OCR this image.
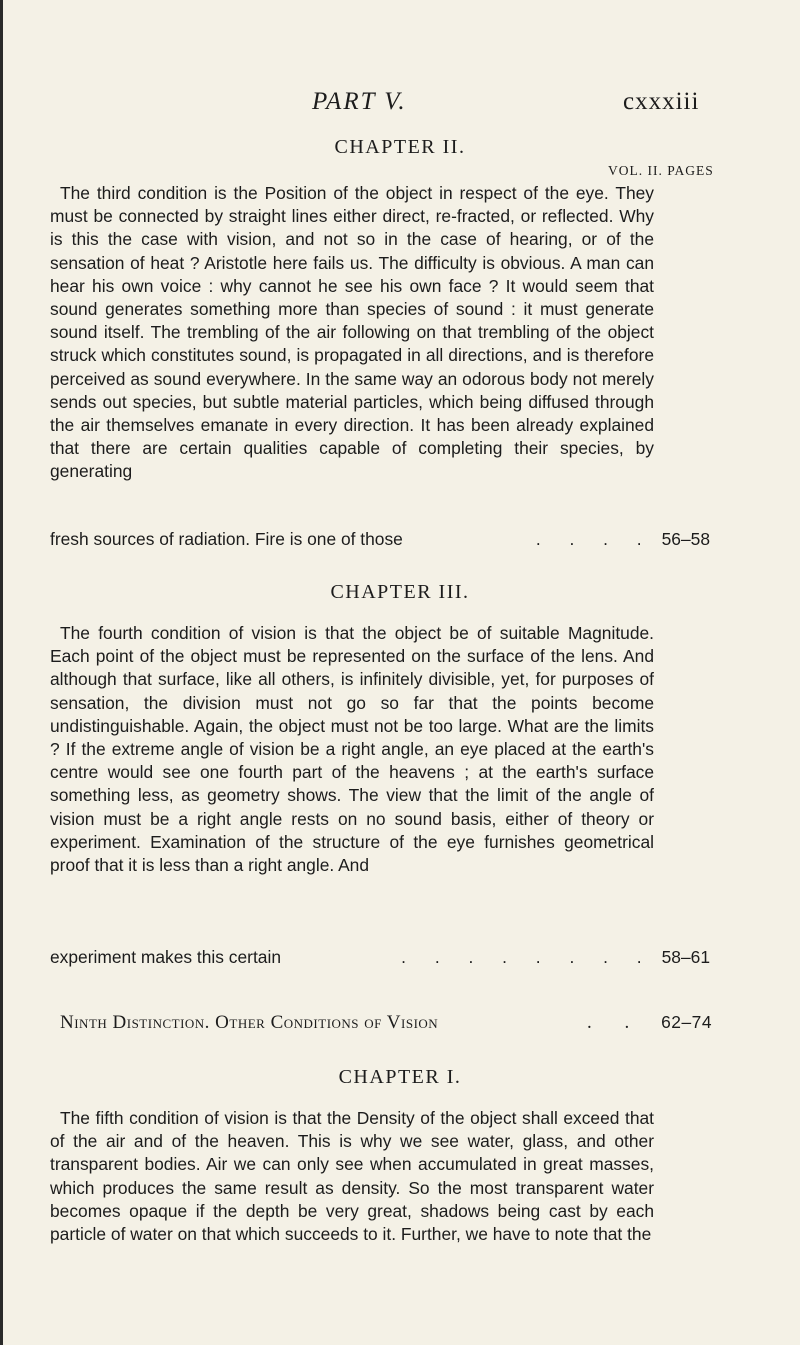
PART V.	cxxxiii
CHAPTER II.
VOL. II. PAGES
The third condition is the Position of the object in respect of the eye. They must be connected by straight lines either direct, re-fracted, or reflected. Why is this the case with vision, and not so in the case of hearing, or of the sensation of heat ? Aristotle here fails us. The difficulty is obvious. A man can hear his own voice : why cannot he see his own face ? It would seem that sound generates something more than species of sound : it must generate sound itself. The trembling of the air following on that trembling of the object struck which constitutes sound, is propagated in all directions, and is therefore perceived as sound everywhere. In the same way an odorous body not merely sends out species, but subtle material particles, which being diffused through the air themselves emanate in every direction. It has been already explained that there are certain qualities capable of completing their species, by generating
fresh sources of radiation. Fire is one of those	. . . . 56–58
CHAPTER III.
The fourth condition of vision is that the object be of suitable Magnitude. Each point of the object must be represented on the surface of the lens. And although that surface, like all others, is infinitely divisible, yet, for purposes of sensation, the division must not go so far that the points become undistinguishable. Again, the object must not be too large. What are the limits ? If the extreme angle of vision be a right angle, an eye placed at the earth's centre would see one fourth part of the heavens ; at the earth's surface something less, as geometry shows. The view that the limit of the angle of vision must be a right angle rests on no sound basis, either of theory or experiment. Examination of the structure of the eye furnishes geometrical proof that it is less than a right angle. And
experiment makes this certain	. . . . . . . . 58–61
Ninth Distinction. Other Conditions of Vision	. . 62–74
CHAPTER I.
The fifth condition of vision is that the Density of the object shall exceed that of the air and of the heaven. This is why we see water, glass, and other transparent bodies. Air we can only see when accumulated in great masses, which produces the same result as density. So the most transparent water becomes opaque if the depth be very great, shadows being cast by each particle of water on that which succeeds to it. Further, we have to note that the
